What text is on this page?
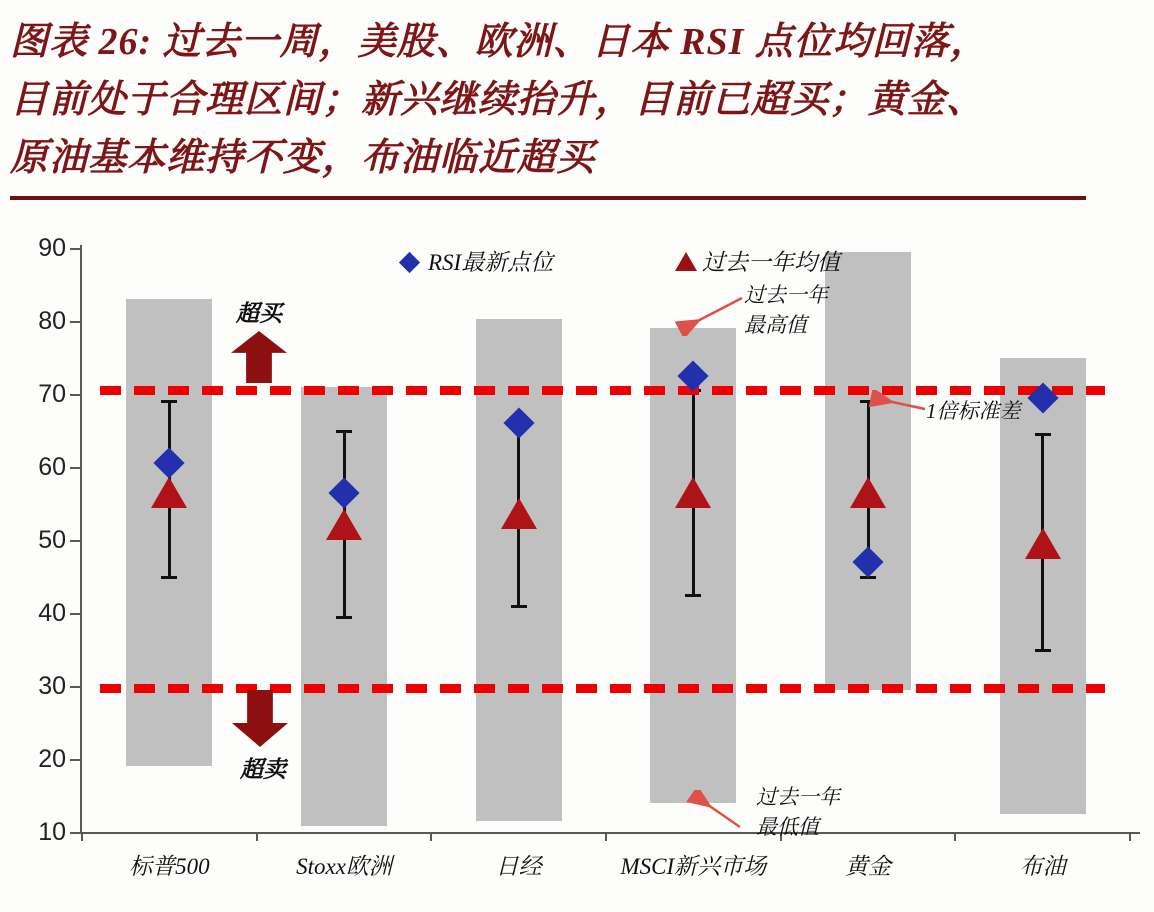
图表 26: 过去一周，美股、欧洲、日本 RSI 点位均回落，
目前处于合理区间；新兴继续抬升，目前已超买；黄金、
原油基本维持不变，布油临近超买
90
80
70
60
50
40
30
20
10
标普500	Stoxx欧洲	日经	MSCI新兴市场	黄金	布油
RSI最新点位	过去一年均值
超买
超卖
过去一年
最高值
1倍标准差
过去一年
最低值
